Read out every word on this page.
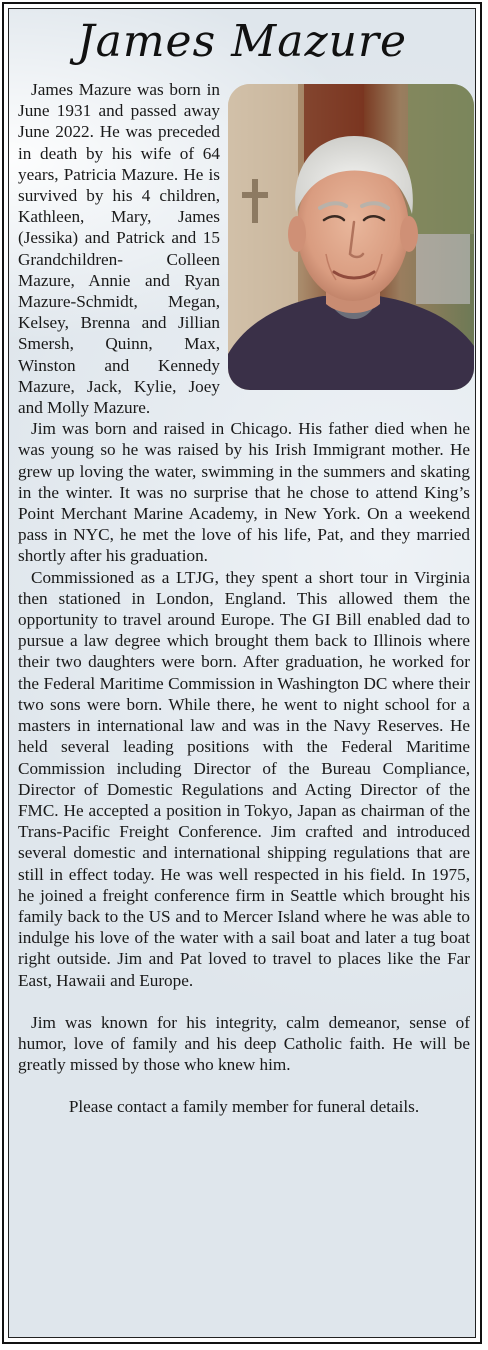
James Mazure

James Mazure was born in June 1931 and passed away June 2022. He was preceded in death by his wife of 64 years, Patricia Mazure. He is survived by his 4 children, Kathleen, Mary, James (Jessika) and Patrick and 15 Grandchildren- Colleen Mazure, Annie and Ryan Mazure-Schmidt, Megan, Kelsey, Brenna and Jillian Smersh, Quinn, Max, Winston and Kennedy Mazure, Jack, Kylie, Joey and Molly Mazure.

Jim was born and raised in Chicago. His father died when he was young so he was raised by his Irish Immigrant mother. He grew up loving the water, swimming in the summers and skating in the winter. It was no surprise that he chose to attend King’s Point Merchant Marine Academy, in New York. On a weekend pass in NYC, he met the love of his life, Pat, and they married shortly after his graduation.

Commissioned as a LTJG, they spent a short tour in Virginia then stationed in London, England. This allowed them the opportunity to travel around Europe. The GI Bill enabled dad to pursue a law degree which brought them back to Illinois where their two daughters were born. After graduation, he worked for the Federal Maritime Commission in Washington DC where their two sons were born. While there, he went to night school for a masters in international law and was in the Navy Reserves. He held several leading positions with the Federal Maritime Commission including Director of the Bureau Compliance, Director of Domestic Regulations and Acting Director of the FMC. He accepted a position in Tokyo, Japan as chairman of the Trans-Pacific Freight Conference. Jim crafted and introduced several domestic and international shipping regulations that are still in effect today. He was well respected in his field. In 1975, he joined a freight conference firm in Seattle which brought his family back to the US and to Mercer Island where he was able to indulge his love of the water with a sail boat and later a tug boat right outside. Jim and Pat loved to travel to places like the Far East, Hawaii and Europe.

Jim was known for his integrity, calm demeanor, sense of humor, love of family and his deep Catholic faith. He will be greatly missed by those who knew him.

Please contact a family member for funeral details.
